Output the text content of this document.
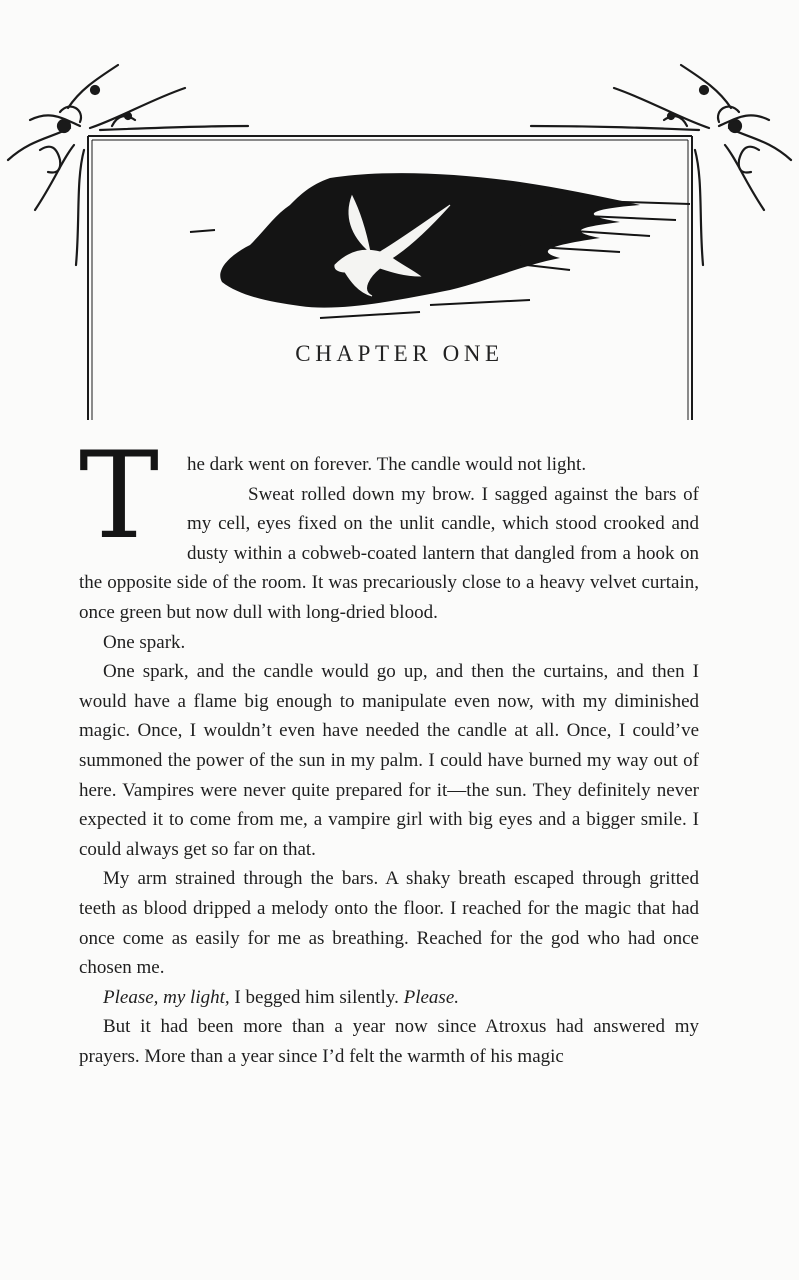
CHAPTER ONE

T	he dark went on forever. The candle would not light.

Sweat rolled down my brow. I sagged against the bars of my cell, eyes fixed on the unlit candle, which stood crooked and dusty within a cobweb-coated lantern that dangled from a hook on the opposite side of the room. It was precariously close to a heavy velvet curtain, once green but now dull with long-dried blood.

One spark.

One spark, and the candle would go up, and then the curtains, and then I would have a flame big enough to manipulate even now, with my diminished magic. Once, I wouldn’t even have needed the candle at all. Once, I could’ve summoned the power of the sun in my palm. I could have burned my way out of here. Vampires were never quite prepared for it—the sun. They definitely never expected it to come from me, a vampire girl with big eyes and a bigger smile. I could always get so far on that.

My arm strained through the bars. A shaky breath escaped through gritted teeth as blood dripped a melody onto the floor. I reached for the magic that had once come as easily for me as breathing. Reached for the god who had once chosen me.

Please, my light, I begged him silently. Please.

But it had been more than a year now since Atroxus had answered my prayers. More than a year since I’d felt the warmth of his magic
